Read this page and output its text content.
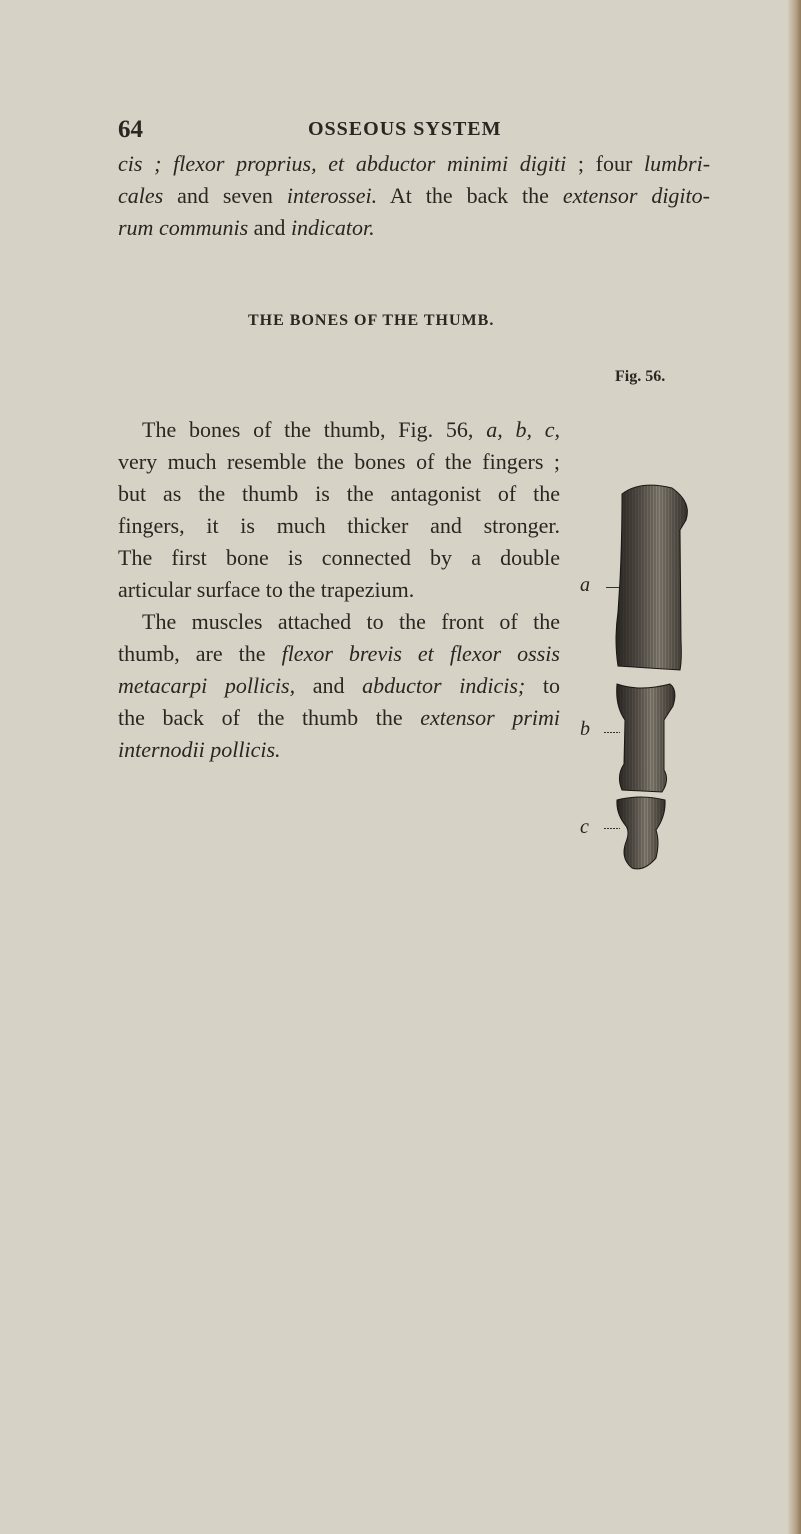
64	OSSEOUS SYSTEM
cis ; flexor proprius, et abductor minimi digiti ; four lumbri-
cales and seven interossei. At the back the extensor digito-
rum communis and indicator.
THE BONES OF THE THUMB.
Fig. 56.
The bones of the thumb, Fig. 56, a, b, c,
very much resemble the bones of the fingers ;
but as the thumb is the antagonist of the
fingers, it is much thicker and stronger.
The first bone is connected by a double
articular surface to the trapezium.
The muscles attached to the front of the
thumb, are the flexor brevis et flexor ossis
metacarpi pollicis, and abductor indicis; to
the back of the thumb the extensor primi
internodii pollicis.
a
b
c
